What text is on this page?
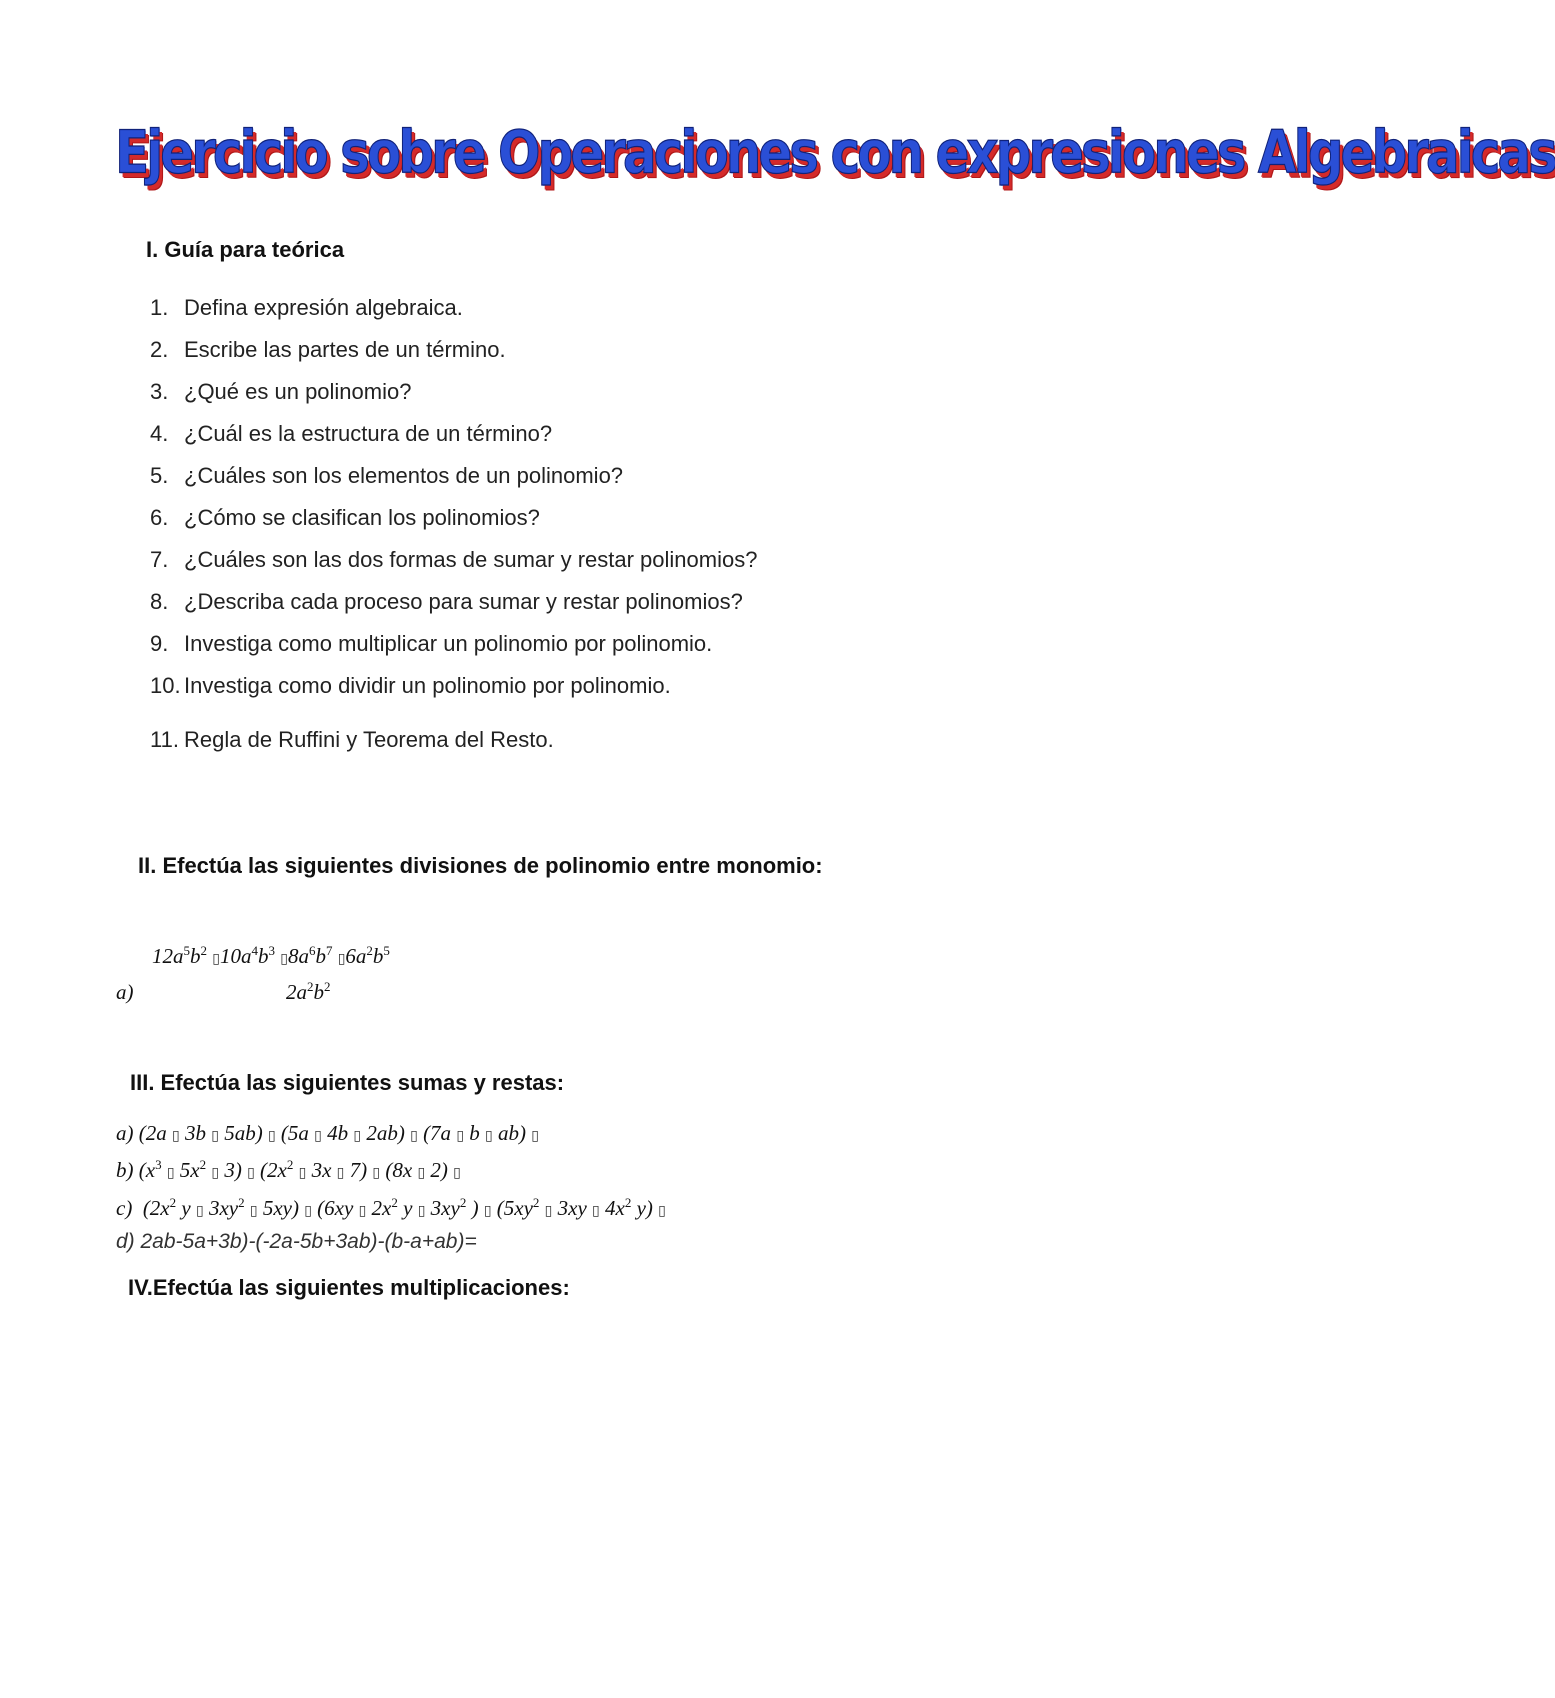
Ejercicio sobre Operaciones con expresiones Algebraicas
I. Guía para teórica
1. Defina expresión algebraica.
2. Escribe las partes de un término.
3. ¿Qué es un polinomio?
4. ¿Cuál es la estructura de un término?
5. ¿Cuáles son los elementos de un polinomio?
6. ¿Cómo se clasifican los polinomios?
7. ¿Cuáles son las dos formas de sumar y restar polinomios?
8. ¿Describa cada proceso para sumar y restar polinomios?
9. Investiga como multiplicar un polinomio por polinomio.
10. Investiga como dividir un polinomio por polinomio.
11. Regla de Ruffini y Teorema del Resto.
II. Efectúa las siguientes divisiones de polinomio entre monomio:
$12a^5b^2$ $▯10a^4b^3$ $▯8a^6b^7$ $▯6a^2b^5$
a)	$2a^2b^2$
III. Efectúa las siguientes sumas y restas:
a) (2a ▯ 3b ▯ 5ab) ▯ (5a ▯ 4b ▯ 2ab) ▯ (7a ▯ b ▯ ab) ▯
b) ($x^3$ ▯ $5x^2$ ▯ 3) ▯ ($2x^2$ ▯ 3x ▯ 7) ▯ (8x ▯ 2) ▯
c)  ($2x^2$ y ▯ $3xy^2$ ▯ 5xy) ▯ (6xy ▯ $2x^2$ y ▯ $3xy^2$ ) ▯ ($5xy^2$ ▯ 3xy ▯ $4x^2$ y) ▯
d) 2ab-5a+3b)-(-2a-5b+3ab)-(b-a+ab)=
IV.Efectúa las siguientes multiplicaciones:
